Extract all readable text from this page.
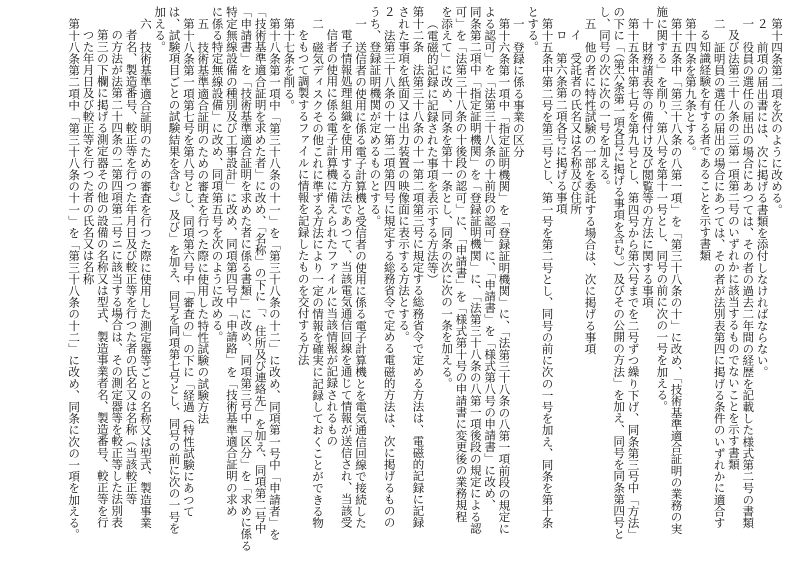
第十四条第二項を次のように改める。
２　前項の届出書には、次に掲げる書類を添付しなければならない。
一　役員の選任の届出の場合にあつては、その者の過去二年間の経歴を記載した様式第二号の書類
及び法第三十八条の三第一項第二号のいずれかに該当するものでないことを示す書類
二　証明員の選任の届出の場合にあつては、その者が法別表第四に掲げる条件のいずれかに適合す
る知識経験を有する者であることを示す書類
第十四条を第九条とする。
第十五条中「第三十八条の八第一項」を「第三十八条の十」に改め、「技術基準適合証明の業務の実
施に関する」を削り、第八号を第十一号とし、同号の前に次の一号を加える。
十　財務諸表等の備付け及び閲覧等の方法に関する事項
第十五条中第七号を第九号とし、第四号から第六号までを二号ずつ繰り下げ、同条第三号中「方法」
の下に「（第六条第一項各号に掲げる事項を含む。）及びその公開の方法」を加え、同号を同条第四号と
し、同号の次に次の一号を加える。
五　他の者に特性試験の一部を委託する場合は、次に掲げる事項
イ　受託者の氏名又は名称及び住所
ロ　第六条第二項各号に掲げる事項
第十五条中第二号を第三号とし、第一号を第二号とし、同号の前に次の一号を加え、同条を第十条
とする。
一　登録に係る事業の区分
第十六条第一項中「指定証明機関」を「登録証明機関」に、「法第三十八条の八第一項前段の規定に
よる認可」を「法第三十八条の十前段の認可」に、「申請書」を「様式第八号の申請書」に改め、
同条第二項中「指定証明機関」を「登録証明機関」に、「法第三十八条の八第一項後段の規定による認
可」を「法第三十八条の十後段の認可」に、「申請書」を「様式第十号の申請書に変更後の業務規程
を添えて」に改め、同条を第十一条とし、同条の次に次の一条を加える。
（電磁的記録に記録された事項を表示する方法等）
第十二条　法第三十八条の十一第二項第三号に規定する総務省令で定める方法は、電磁的記録に記録
された事項を紙面又は出力装置の映像面に表示する方法とする。
２　法第三十八条の十一第二項第四号に規定する総務省令で定める電磁的方法は、次に掲げるものの
うち、登録証明機関が定めるものとする。
一　送信者の使用に係る電子計算機と受信者の使用に係る電子計算機とを電気通信回線で接続した
電子情報処理組織を使用する方法であつて、当該電気通信回線を通じて情報が送信され、当該受
信者の使用に係る電子計算機に備えられたファイルに当該情報が記録されるもの
二　磁気ディスクその他これに準ずる方法により一定の情報を確実に記録しておくことができる物
をもつて調製するファイルに情報を記録したものを交付する方法
第十七条を削る。
第十八条第一項中「第三十八条の十一」を「第三十八条の十二」に改め、同項第一号中「申請者」を
「技術基準適合証明を求めた者」に改め、「名称」の下に「、住所及び連絡先」を加え、同項第二号中
「申請書」を「技術基準適合証明を求めた者に係る書類」に改め、同項第三号中「区分」を「求めに係る
特定無線設備の種別及び工事設計」に改め、同項第四号中「申請路」を「技術基準適合証明の求め
に係る特定無線設備」に改め、同項第五号を次のように改める。
五　技術基準適合証明のための審査を行つた際に使用した特性試験の試験方法
第十八条第一項第七号を第八号とし、同項第六号中「審査の」の下に「経過（特性試験にあつて
は、試験項目ごとの試験結果を含む。）及び」を加え、同号を同項第七号とし、同号の前に次の一号を
加える。
六　技術基準適合証明のための審査を行つた際に使用した測定器等ごとの名称又は型式、製造事業
者名、製造番号、較正等を行つた年月日及び較正等を行つた者の氏名又は名称（当該較正等
の方法が法第二十四条の二第四項第二号ニに該当する場合は、その測定器等を較正等した法別表
第三の下欄に掲げる測定器その他の設備の名称又は型式、製造事業者名、製造番号、較正等を行
つた年月日及び較正等を行つた者の氏名又は名称
第十八条第二項中「第三十八条の十一」を「第三十八条の十二」に改め、同条に次の一項を加える。
